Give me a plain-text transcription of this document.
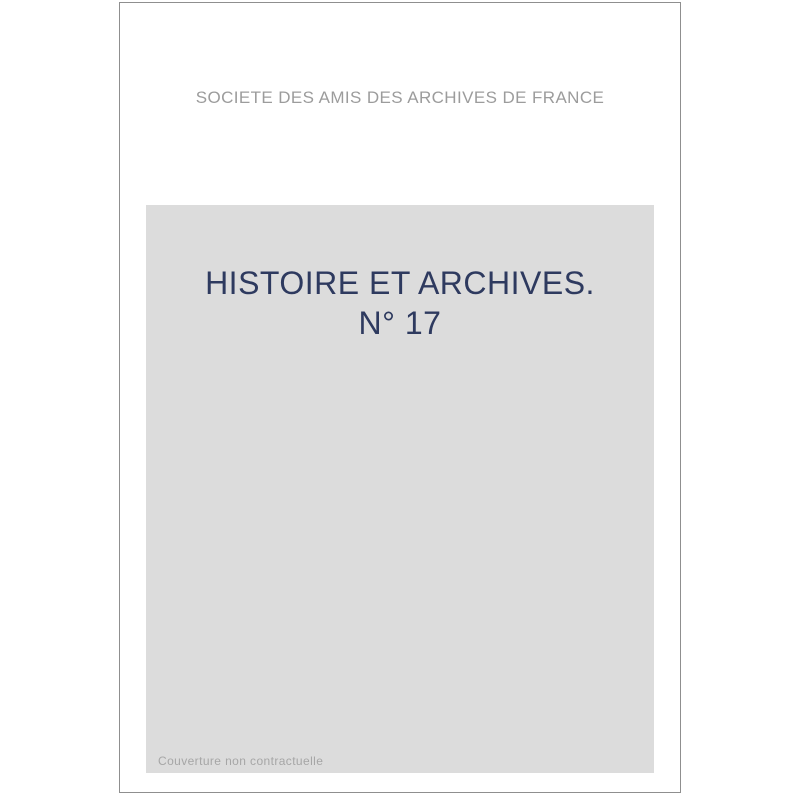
SOCIETE DES AMIS DES ARCHIVES DE FRANCE
HISTOIRE ET ARCHIVES.
N° 17
Couverture non contractuelle
